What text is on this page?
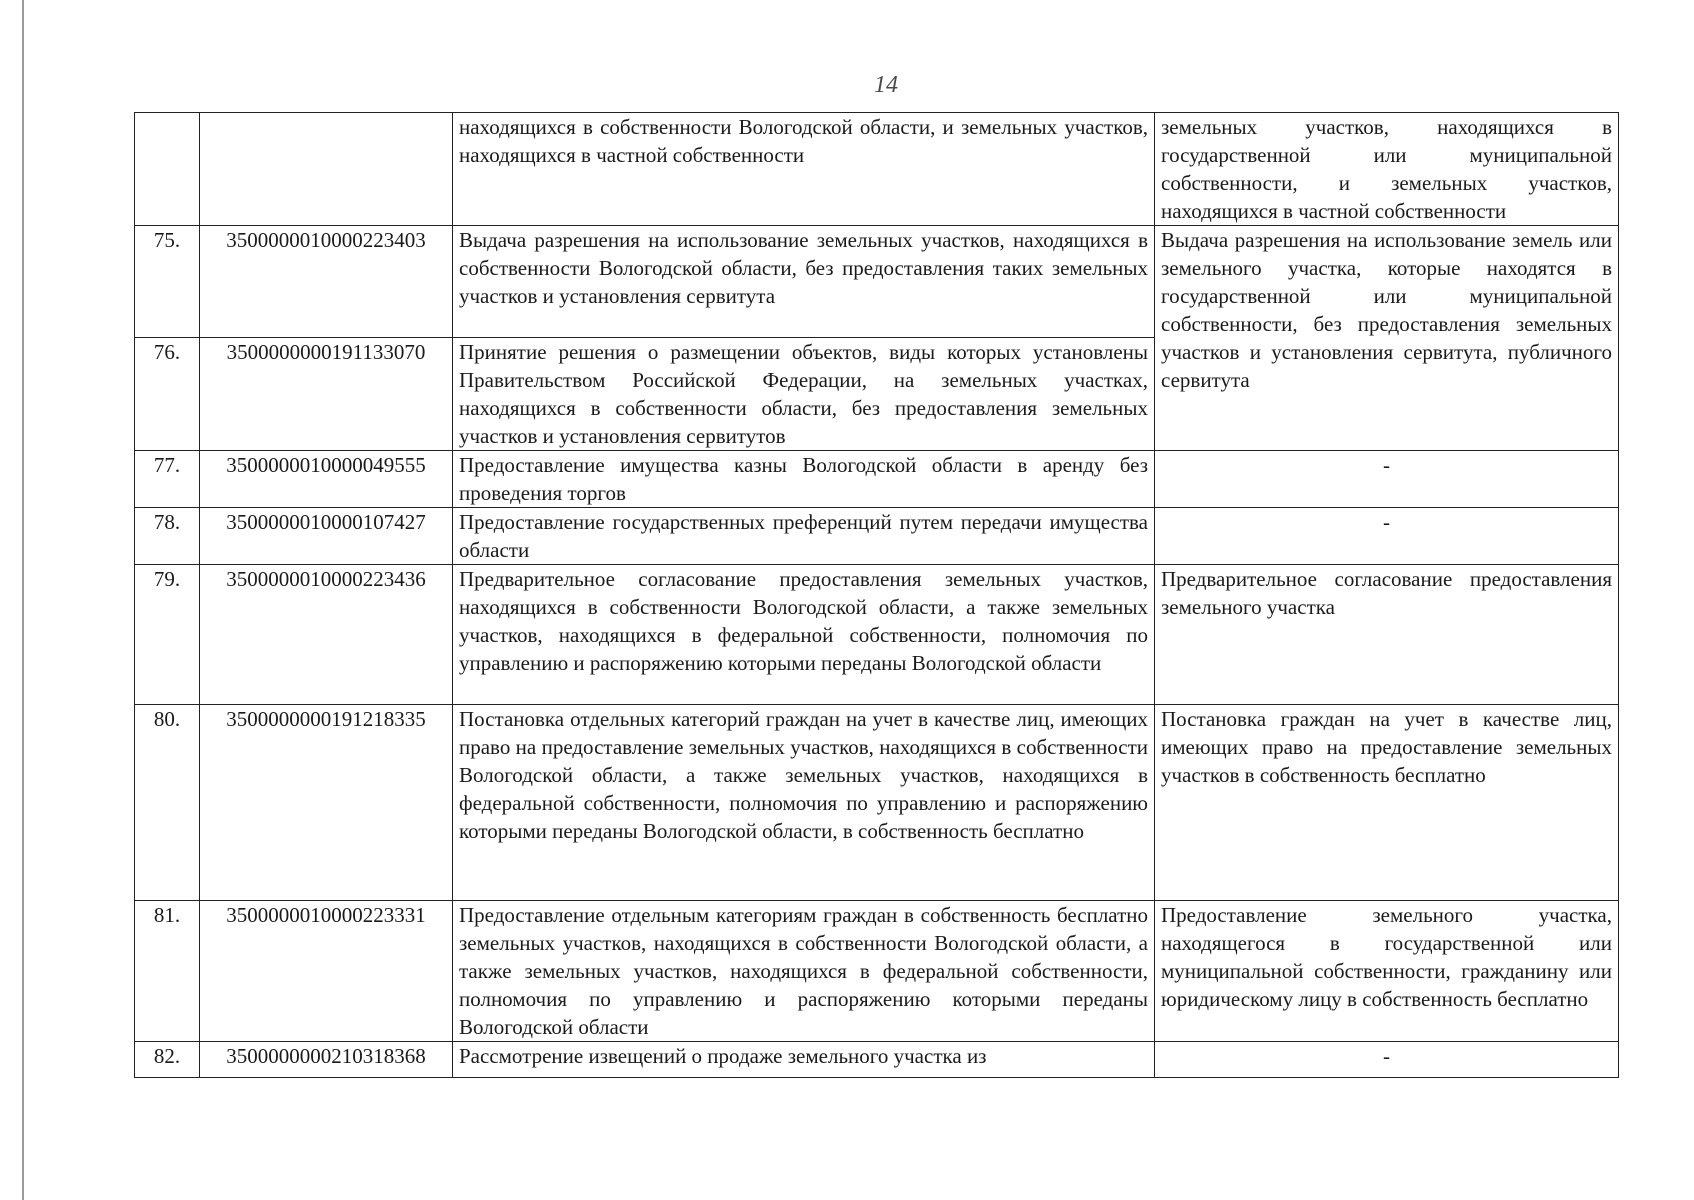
14
		находящихся в собственности Вологодской области, и земельных участков, находящихся в частной собственности	земельных участков, находящихся в государственной или муниципальной собственности, и земельных участков, находящихся в частной собственности
75.	3500000010000223403	Выдача разрешения на использование земельных участков, находящихся в собственности Вологодской области, без предоставления таких земельных участков и установления сервитута	Выдача разрешения на использование земель или земельного участка, которые находятся в государственной или муниципальной собственности, без предоставления земельных участков и установления сервитута, публичного сервитута
76.	3500000000191133070	Принятие решения о размещении объектов, виды которых установлены Правительством Российской Федерации, на земельных участках, находящихся в собственности области, без предоставления земельных участков и установления сервитутов	
77.	3500000010000049555	Предоставление имущества казны Вологодской области в аренду без проведения торгов	-
78.	3500000010000107427	Предоставление государственных преференций путем передачи имущества области	-
79.	3500000010000223436	Предварительное согласование предоставления земельных участков, находящихся в собственности Вологодской области, а также земельных участков, находящихся в федеральной собственности, полномочия по управлению и распоряжению которыми переданы Вологодской области	Предварительное согласование предоставления земельного участка
80.	3500000000191218335	Постановка отдельных категорий граждан на учет в качестве лиц, имеющих право на предоставление земельных участков, находящихся в собственности Вологодской области, а также земельных участков, находящихся в федеральной собственности, полномочия по управлению и распоряжению которыми переданы Вологодской области, в собственность бесплатно	Постановка граждан на учет в качестве лиц, имеющих право на предоставление земельных участков в собственность бесплатно
81.	3500000010000223331	Предоставление отдельным категориям граждан в собственность бесплатно земельных участков, находящихся в собственности Вологодской области, а также земельных участков, находящихся в федеральной собственности, полномочия по управлению и распоряжению которыми переданы Вологодской области	Предоставление земельного участка, находящегося в государственной или муниципальной собственности, гражданину или юридическому лицу в собственность бесплатно
82.	3500000000210318368	Рассмотрение извещений о продаже земельного участка из	-
